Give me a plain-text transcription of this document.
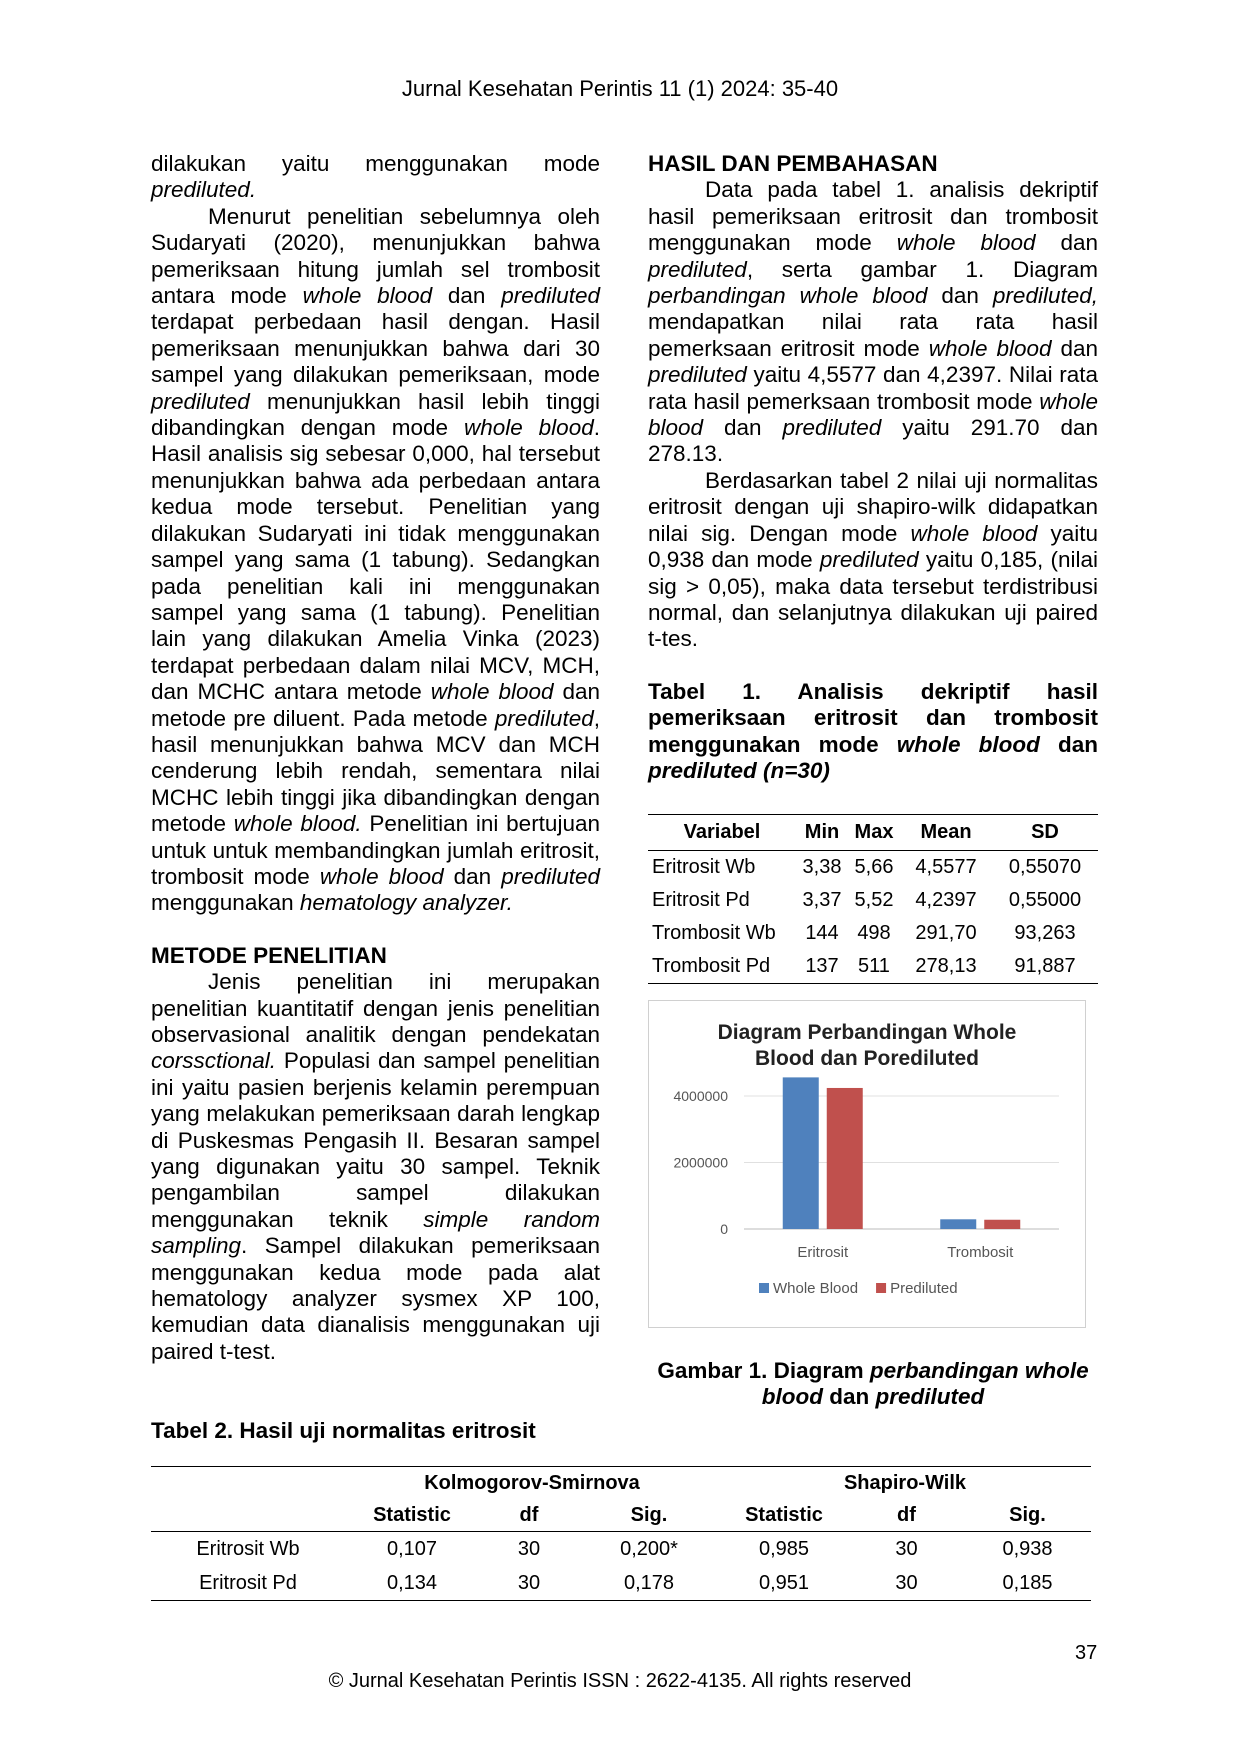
Jurnal Kesehatan Perintis 11 (1) 2024: 35-40

dilakukan yaitu menggunakan mode prediluted.

Menurut penelitian sebelumnya oleh Sudaryati (2020), menunjukkan bahwa pemeriksaan hitung jumlah sel trombosit antara mode whole blood dan prediluted terdapat perbedaan hasil dengan. Hasil pemeriksaan menunjukkan bahwa dari 30 sampel yang dilakukan pemeriksaan, mode prediluted menunjukkan hasil lebih tinggi dibandingkan dengan mode whole blood. Hasil analisis sig sebesar 0,000, hal tersebut menunjukkan bahwa ada perbedaan antara kedua mode tersebut. Penelitian yang dilakukan Sudaryati ini tidak menggunakan sampel yang sama (1 tabung). Sedangkan pada penelitian kali ini menggunakan sampel yang sama (1 tabung). Penelitian lain yang dilakukan Amelia Vinka (2023) terdapat perbedaan dalam nilai MCV, MCH, dan MCHC antara metode whole blood dan metode pre diluent. Pada metode prediluted, hasil menunjukkan bahwa MCV dan MCH cenderung lebih rendah, sementara nilai MCHC lebih tinggi jika dibandingkan dengan metode whole blood. Penelitian ini bertujuan untuk untuk membandingkan jumlah eritrosit, trombosit mode whole blood dan prediluted menggunakan hematology analyzer.

METODE PENELITIAN

Jenis penelitian ini merupakan penelitian kuantitatif dengan jenis penelitian observasional analitik dengan pendekatan corssctional. Populasi dan sampel penelitian ini yaitu pasien berjenis kelamin perempuan yang melakukan pemeriksaan darah lengkap di Puskesmas Pengasih II. Besaran sampel yang digunakan yaitu 30 sampel. Teknik pengambilan sampel dilakukan menggunakan teknik simple random sampling. Sampel dilakukan pemeriksaan menggunakan kedua mode pada alat hematology analyzer sysmex XP 100, kemudian data dianalisis menggunakan uji paired t-test.

HASIL DAN PEMBAHASAN

Data pada tabel 1. analisis dekriptif hasil pemeriksaan eritrosit dan trombosit menggunakan mode whole blood dan prediluted, serta gambar 1. Diagram perbandingan whole blood dan prediluted, mendapatkan nilai rata rata hasil pemerksaan eritrosit mode whole blood dan prediluted yaitu 4,5577 dan 4,2397. Nilai rata rata hasil pemerksaan trombosit mode whole blood dan prediluted yaitu 291.70 dan 278.13.

Berdasarkan tabel 2 nilai uji normalitas eritrosit dengan uji shapiro-wilk didapatkan nilai sig. Dengan mode whole blood yaitu 0,938 dan mode prediluted yaitu 0,185, (nilai sig > 0,05), maka data tersebut terdistribusi normal, dan selanjutnya dilakukan uji paired t-tes.

Tabel 1. Analisis dekriptif hasil pemeriksaan eritrosit dan trombosit menggunakan mode whole blood dan prediluted (n=30)
Variabel	Min	Max	Mean	SD
Eritrosit Wb	3,38	5,66	4,5577	0,55070
Eritrosit Pd	3,37	5,52	4,2397	0,55000
Trombosit Wb	144	498	291,70	93,263
Trombosit Pd	137	511	278,13	91,887
Diagram Perbandingan Whole
Blood dan Porediluted
0
2000000
4000000
Eritrosit	Trombosit
Whole Blood Prediluted
Gambar 1. Diagram perbandingan whole blood dan prediluted
Tabel 2. Hasil uji normalitas eritrosit
	Kolmogorov-Smirnova			Shapiro-Wilk		
	Statistic	df	Sig.	Statistic	df	Sig.
Eritrosit Wb	0,107	30	0,200*	0,985	30	0,938
Eritrosit Pd	0,134	30	0,178	0,951	30	0,185
37
© Jurnal Kesehatan Perintis ISSN : 2622-4135. All rights reserved
